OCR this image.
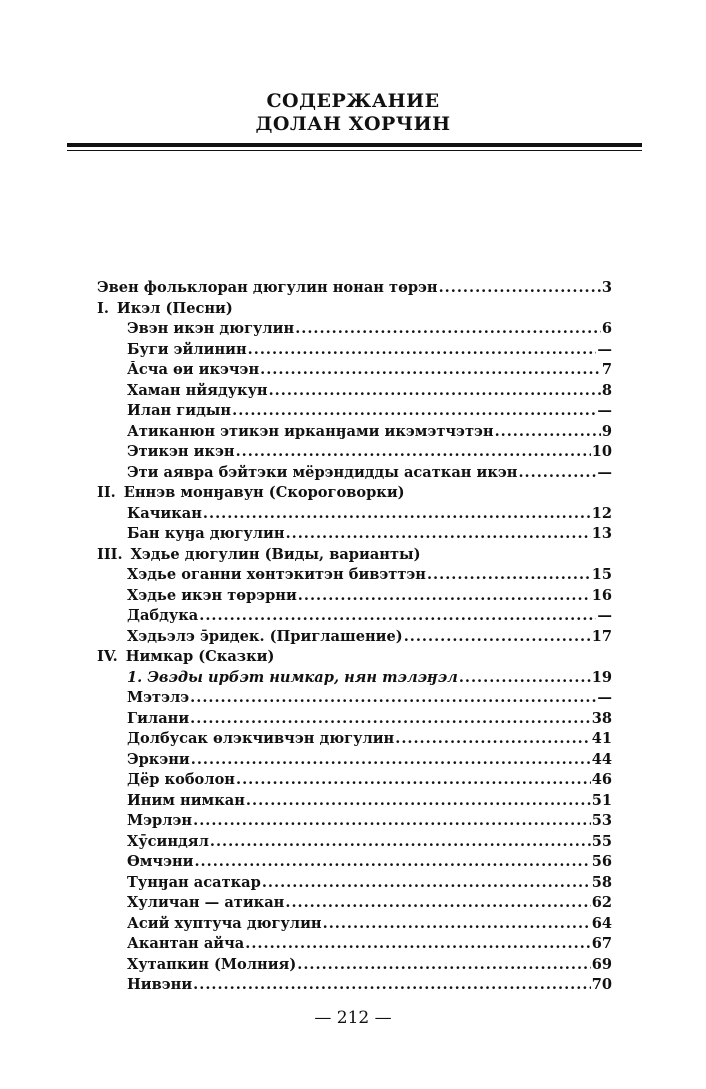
СОДЕРЖАНИЕ
ДОЛАН ХОРЧИН
Эвен фольклоран дюгулин нонан төрэн .....	3
I. Икэл (Песни)
Эвэн икэн дюгулин .....	6
Буги эйлинин .....	—
Ӑсча өи икэчэн .....	7
Хаман нйядукун .....	8
Илан гидын .....	—
Атиканюн этикэн ирканӈами икэмэтчэтэн .....	9
Этикэн икэн .....	10
Эти аявра бэйтэки мёрэндидды асаткан икэн .....	—
II. Еннэв монӈавун (Скороговорки)
Качикан .....	12
Бан куӈа дюгулин .....	13
III. Хэдье дюгулин (Виды, варианты)
Хэдье оганни хөнтэкитэн бивэттэн .....	15
Хэдье икэн төрэрни .....	16
Дабдука .....	—
Хэдьэлэ э̄ридек. (Приглашение) .....	17
IV. Нимкар (Сказки)
1. Эвэды ирбэт нимкар, нян тэлэӈэл .....	19
Мэтэлэ .....	—
Гилани .....	38
Долбусак өлэкчивчэн дюгулин .....	41
Эркэни .....	44
Дёр коболон .....	46
Иним нимкан .....	51
Мэрлэн .....	53
Хӯсиндял .....	55
Өмчэни .....	56
Тунӈан асаткар .....	58
Хуличан — атикан .....	62
Асий хуптуча дюгулин .....	64
Акантан айча .....	67
Хутапкин (Молния) .....	69
Нивэни .....	70
— 212 —
